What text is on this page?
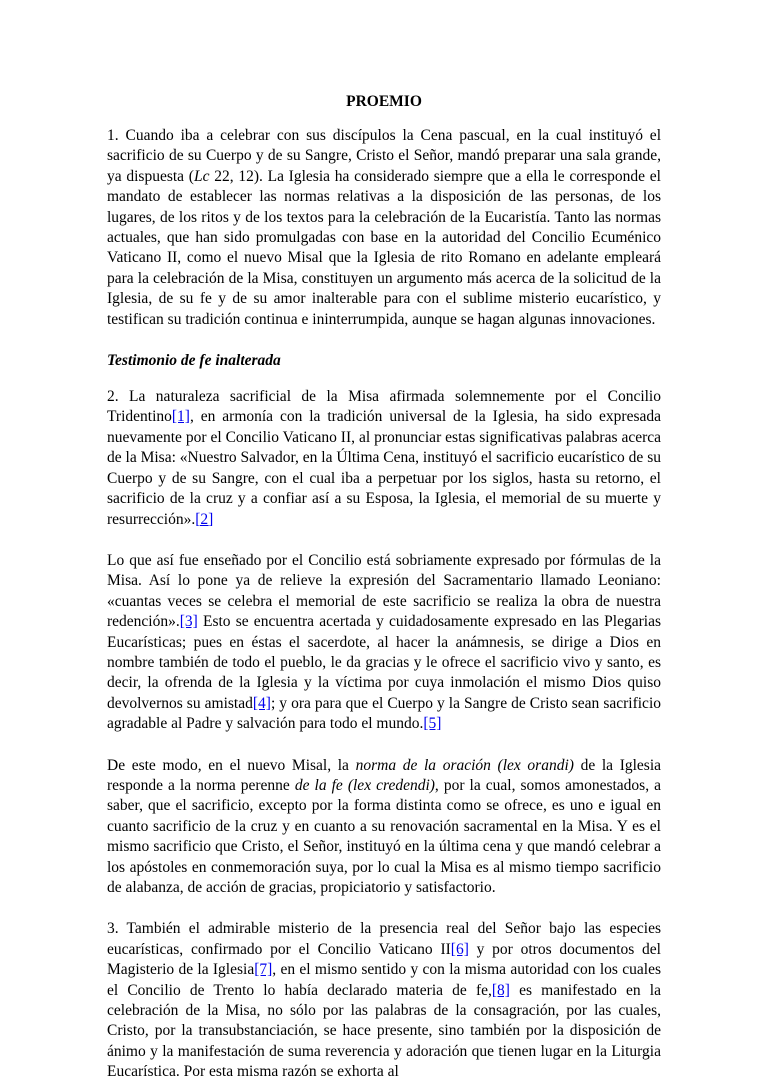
PROEMIO

1. Cuando iba a celebrar con sus discípulos la Cena pascual, en la cual instituyó el sacrificio de su Cuerpo y de su Sangre, Cristo el Señor, mandó preparar una sala grande, ya dispuesta (Lc 22, 12). La Iglesia ha considerado siempre que a ella le corresponde el mandato de establecer las normas relativas a la disposición de las personas, de los lugares, de los ritos y de los textos para la celebración de la Eucaristía. Tanto las normas actuales, que han sido promulgadas con base en la autoridad del Concilio Ecuménico Vaticano II, como el nuevo Misal que la Iglesia de rito Romano en adelante empleará para la celebración de la Misa, constituyen un argumento más acerca de la solicitud de la Iglesia, de su fe y de su amor inalterable para con el sublime misterio eucarístico, y testifican su tradición continua e ininterrumpida, aunque se hagan algunas innovaciones.

Testimonio de fe inalterada

2. La naturaleza sacrificial de la Misa afirmada solemnemente por el Concilio Tridentino[1], en armonía con la tradición universal de la Iglesia, ha sido expresada nuevamente por el Concilio Vaticano II, al pronunciar estas significativas palabras acerca de la Misa: «Nuestro Salvador, en la Última Cena, instituyó el sacrificio eucarístico de su Cuerpo y de su Sangre, con el cual iba a perpetuar por los siglos, hasta su retorno, el sacrificio de la cruz y a confiar así a su Esposa, la Iglesia, el memorial de su muerte y resurrección».[2]

Lo que así fue enseñado por el Concilio está sobriamente expresado por fórmulas de la Misa. Así lo pone ya de relieve la expresión del Sacramentario llamado Leoniano: «cuantas veces se celebra el memorial de este sacrificio se realiza la obra de nuestra redención».[3] Esto se encuentra acertada y cuidadosamente expresado en las Plegarias Eucarísticas; pues en éstas el sacerdote, al hacer la anámnesis, se dirige a Dios en nombre también de todo el pueblo, le da gracias y le ofrece el sacrificio vivo y santo, es decir, la ofrenda de la Iglesia y la víctima por cuya inmolación el mismo Dios quiso devolvernos su amistad[4]; y ora para que el Cuerpo y la Sangre de Cristo sean sacrificio agradable al Padre y salvación para todo el mundo.[5]

De este modo, en el nuevo Misal, la norma de la oración (lex orandi) de la Iglesia responde a la norma perenne de la fe (lex credendi), por la cual, somos amonestados, a saber, que el sacrificio, excepto por la forma distinta como se ofrece, es uno e igual en cuanto sacrificio de la cruz y en cuanto a su renovación sacramental en la Misa. Y es el mismo sacrificio que Cristo, el Señor, instituyó en la última cena y que mandó celebrar a los apóstoles en conmemoración suya, por lo cual la Misa es al mismo tiempo sacrificio de alabanza, de acción de gracias, propiciatorio y satisfactorio.

3. También el admirable misterio de la presencia real del Señor bajo las especies eucarísticas, confirmado por el Concilio Vaticano II[6] y por otros documentos del Magisterio de la Iglesia[7], en el mismo sentido y con la misma autoridad con los cuales el Concilio de Trento lo había declarado materia de fe,[8] es manifestado en la celebración de la Misa, no sólo por las palabras de la consagración, por las cuales, Cristo, por la transubstanciación, se hace presente, sino también por la disposición de ánimo y la manifestación de suma reverencia y adoración que tienen lugar en la Liturgia Eucarística. Por esta misma razón se exhorta al
